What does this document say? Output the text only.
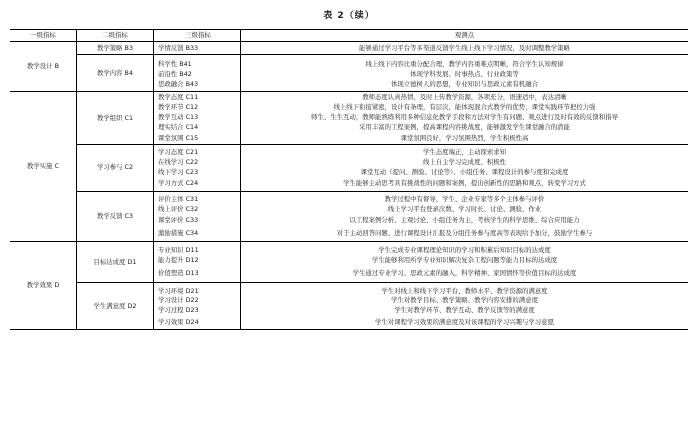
表 2（续）
一级指标	二级指标	三级指标	观测点
教学设计 B	教学策略 B3	学情反馈 B33	能够通过学习平台等多渠道反馈学生线上线下学习情况，及时调整教学策略
	教学内容 B4	科学性 B41	线上线下内容比重分配合理，教学内容重难点明晰，符合学生认知规律
		前沿性 B42	体现学科发展、时事热点、行业政策等
		思政融合 B43	体现立德树人的思想，专业知识与思政元素有机融合
教学实施 C	教学组织 C1	教学态度 C11	教师态度认真热情，及时上传教学资源，各项充分，语速适中，表达清晰
		教学环节 C12	线上线下衔接紧密，设计有条理，有层次，能体现混合式教学的优势，课堂实践环节把控力强
		教学互动 C13	师生、生生互动，教师能熟练利用多种信息化教学手段和方法对学生有问题、观点进行及时有效的反馈和指导
		理实结合 C14	采用丰富的工程案例，提高课程内容挑战度，能够激发学生课堂融合的潜能
		课堂氛围 C15	课堂氛围良好，学习氛围热烈，学生积极性高
	学习参与 C2	学习态度 C21	学生态度端正，主动探索求知
		在线学习 C22	线上自主学习完成度、积极性
		线下学习 C23	课堂互动（提问、测验、讨论等）、小组任务、课程设计的参与度和完成度
		学习方式 C24	学生能够主动思考具有挑战性的问题和案例，提出创新性的思路和观点，转变学习方式
	教学反馈 C3	评价主体 C31	教学过程中有督导、学生、企业专家等多个主体参与评价
		线上评价 C32	线上学习平台登录次数、学习时长、讨论、测验、作业
		课堂评价 C33	以工程案例分析、主观讨论、小组任务为主，考核学生的科学思维、综合应用能力
		激励措施 C34	对于主动回答问题、进行课程设计汇报及分组任务参与度高等表现给予加分，鼓励学生参与
教学效果 D	目标达成度 D1	专业知识 D11	学生完成专业课程理论知识的学习和积累后知识目标的达成度
		能力提升 D12	学生能够利用所学专业知识解决复杂工程问题等能力目标的达成度
		价值塑造 D13	学生通过专业学习、思政元素的融入，科学精神、家国情怀等价值目标的达成度
	学生满意度 D2	学习环境 D21	学生对线上和线下学习平台、教师水平、教学资源的满意度
		学习设计 D22	学生对教学目标、教学策略、教学内容安排的满意度
		学习过程 D23	学生对教学环节、教学互动、教学反馈等的满意度
		学习效果 D24	学生对课程学习效果的满意度及对该课程的学习兴趣与学习意愿
